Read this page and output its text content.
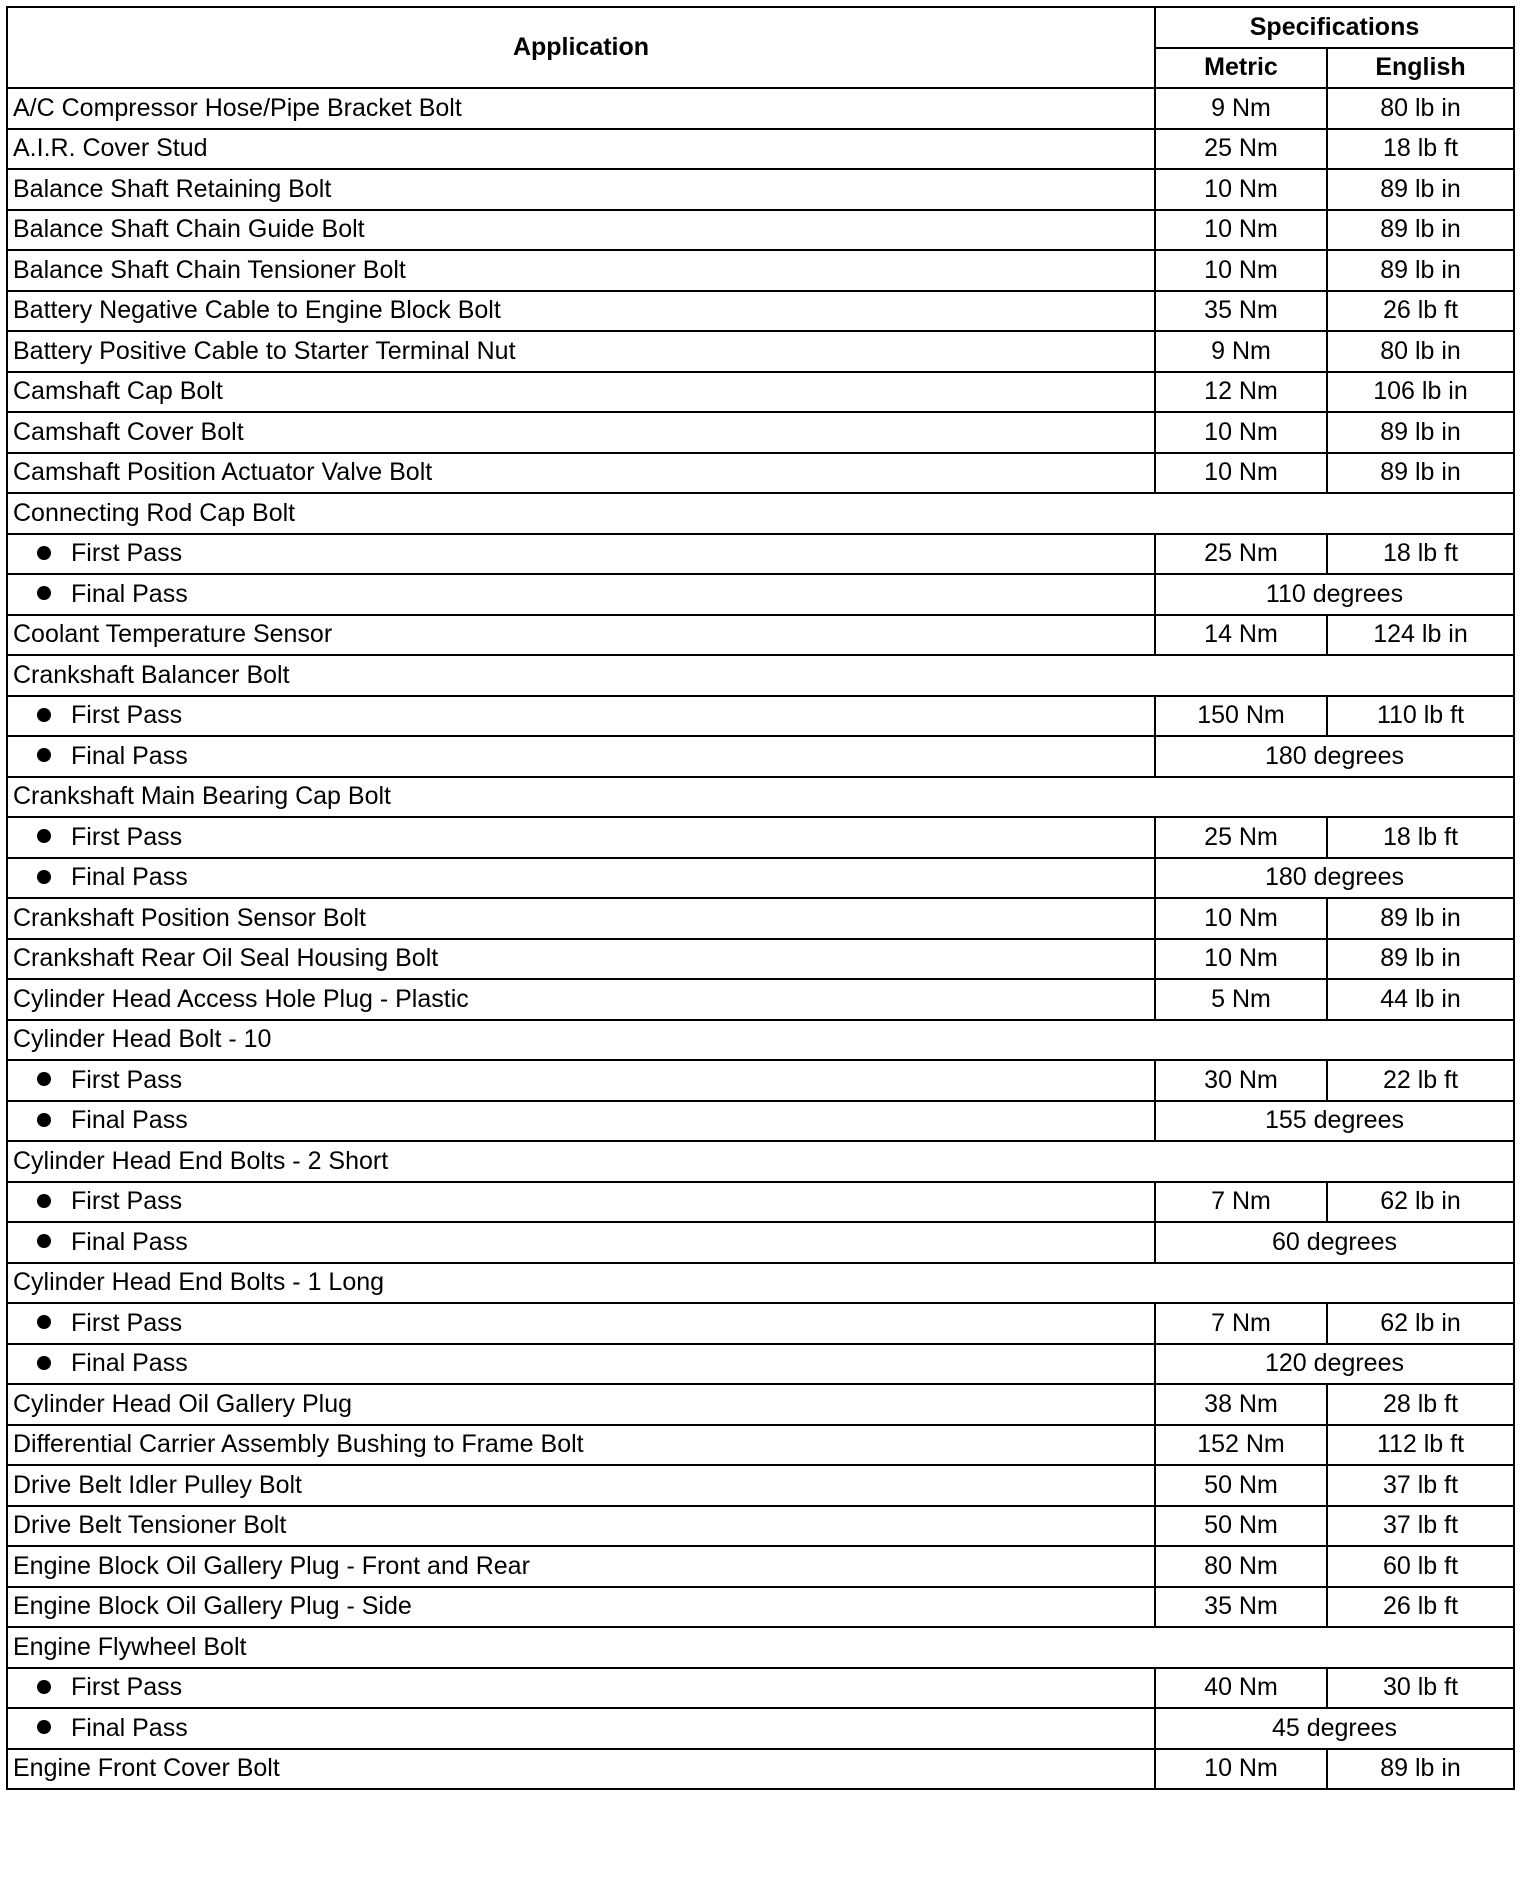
Application	Specifications	
	Metric	English
A/C Compressor Hose/Pipe Bracket Bolt	9 Nm	80 lb in
A.I.R. Cover Stud	25 Nm	18 lb ft
Balance Shaft Retaining Bolt	10 Nm	89 lb in
Balance Shaft Chain Guide Bolt	10 Nm	89 lb in
Balance Shaft Chain Tensioner Bolt	10 Nm	89 lb in
Battery Negative Cable to Engine Block Bolt	35 Nm	26 lb ft
Battery Positive Cable to Starter Terminal Nut	9 Nm	80 lb in
Camshaft Cap Bolt	12 Nm	106 lb in
Camshaft Cover Bolt	10 Nm	89 lb in
Camshaft Position Actuator Valve Bolt	10 Nm	89 lb in
Connecting Rod Cap Bolt		
First Pass	25 Nm	18 lb ft
Final Pass	110 degrees	
Coolant Temperature Sensor	14 Nm	124 lb in
Crankshaft Balancer Bolt		
First Pass	150 Nm	110 lb ft
Final Pass	180 degrees	
Crankshaft Main Bearing Cap Bolt		
First Pass	25 Nm	18 lb ft
Final Pass	180 degrees	
Crankshaft Position Sensor Bolt	10 Nm	89 lb in
Crankshaft Rear Oil Seal Housing Bolt	10 Nm	89 lb in
Cylinder Head Access Hole Plug - Plastic	5 Nm	44 lb in
Cylinder Head Bolt - 10		
First Pass	30 Nm	22 lb ft
Final Pass	155 degrees	
Cylinder Head End Bolts - 2 Short		
First Pass	7 Nm	62 lb in
Final Pass	60 degrees	
Cylinder Head End Bolts - 1 Long		
First Pass	7 Nm	62 lb in
Final Pass	120 degrees	
Cylinder Head Oil Gallery Plug	38 Nm	28 lb ft
Differential Carrier Assembly Bushing to Frame Bolt	152 Nm	112 lb ft
Drive Belt Idler Pulley Bolt	50 Nm	37 lb ft
Drive Belt Tensioner Bolt	50 Nm	37 lb ft
Engine Block Oil Gallery Plug - Front and Rear	80 Nm	60 lb ft
Engine Block Oil Gallery Plug - Side	35 Nm	26 lb ft
Engine Flywheel Bolt		
First Pass	40 Nm	30 lb ft
Final Pass	45 degrees	
Engine Front Cover Bolt	10 Nm	89 lb in
